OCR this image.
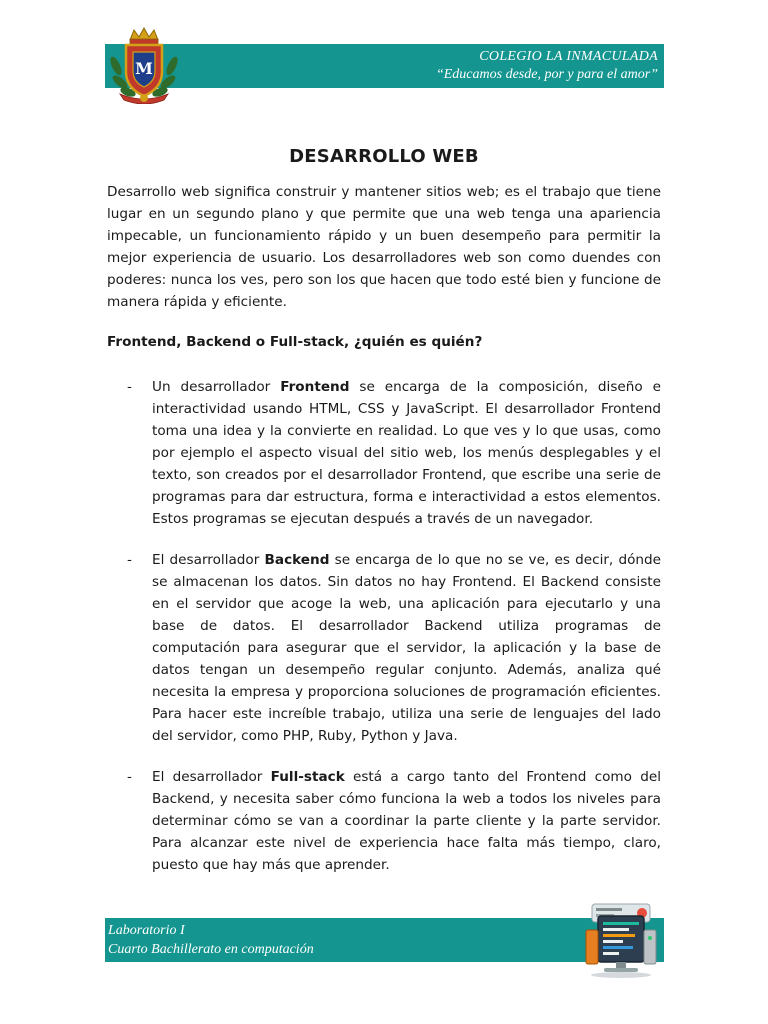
COLEGIO LA INMACULADA
“Educamos desde, por y para el amor”
M
DESARROLLO WEB

Desarrollo web significa construir y mantener sitios web; es el trabajo que tiene lugar en un segundo plano y que permite que una web tenga una apariencia impecable, un funcionamiento rápido y un buen desempeño para permitir la mejor experiencia de usuario. Los desarrolladores web son como duendes con poderes: nunca los ves, pero son los que hacen que todo esté bien y funcione de manera rápida y eficiente.

Frontend, Backend o Full-stack, ¿quién es quién?

- Un desarrollador Frontend se encarga de la composición, diseño e interactividad usando HTML, CSS y JavaScript. El desarrollador Frontend toma una idea y la convierte en realidad. Lo que ves y lo que usas, como por ejemplo el aspecto visual del sitio web, los menús desplegables y el texto, son creados por el desarrollador Frontend, que escribe una serie de programas para dar estructura, forma e interactividad a estos elementos. Estos programas se ejecutan después a través de un navegador.

- El desarrollador Backend se encarga de lo que no se ve, es decir, dónde se almacenan los datos. Sin datos no hay Frontend. El Backend consiste en el servidor que acoge la web, una aplicación para ejecutarlo y una base de datos. El desarrollador Backend utiliza programas de computación para asegurar que el servidor, la aplicación y la base de datos tengan un desempeño regular conjunto. Además, analiza qué necesita la empresa y proporciona soluciones de programación eficientes. Para hacer este increíble trabajo, utiliza una serie de lenguajes del lado del servidor, como PHP, Ruby, Python y Java.

- El desarrollador Full-stack está a cargo tanto del Frontend como del Backend, y necesita saber cómo funciona la web a todos los niveles para determinar cómo se van a coordinar la parte cliente y la parte servidor. Para alcanzar este nivel de experiencia hace falta más tiempo, claro, puesto que hay más que aprender.

Laboratorio I
Cuarto Bachillerato en computación
